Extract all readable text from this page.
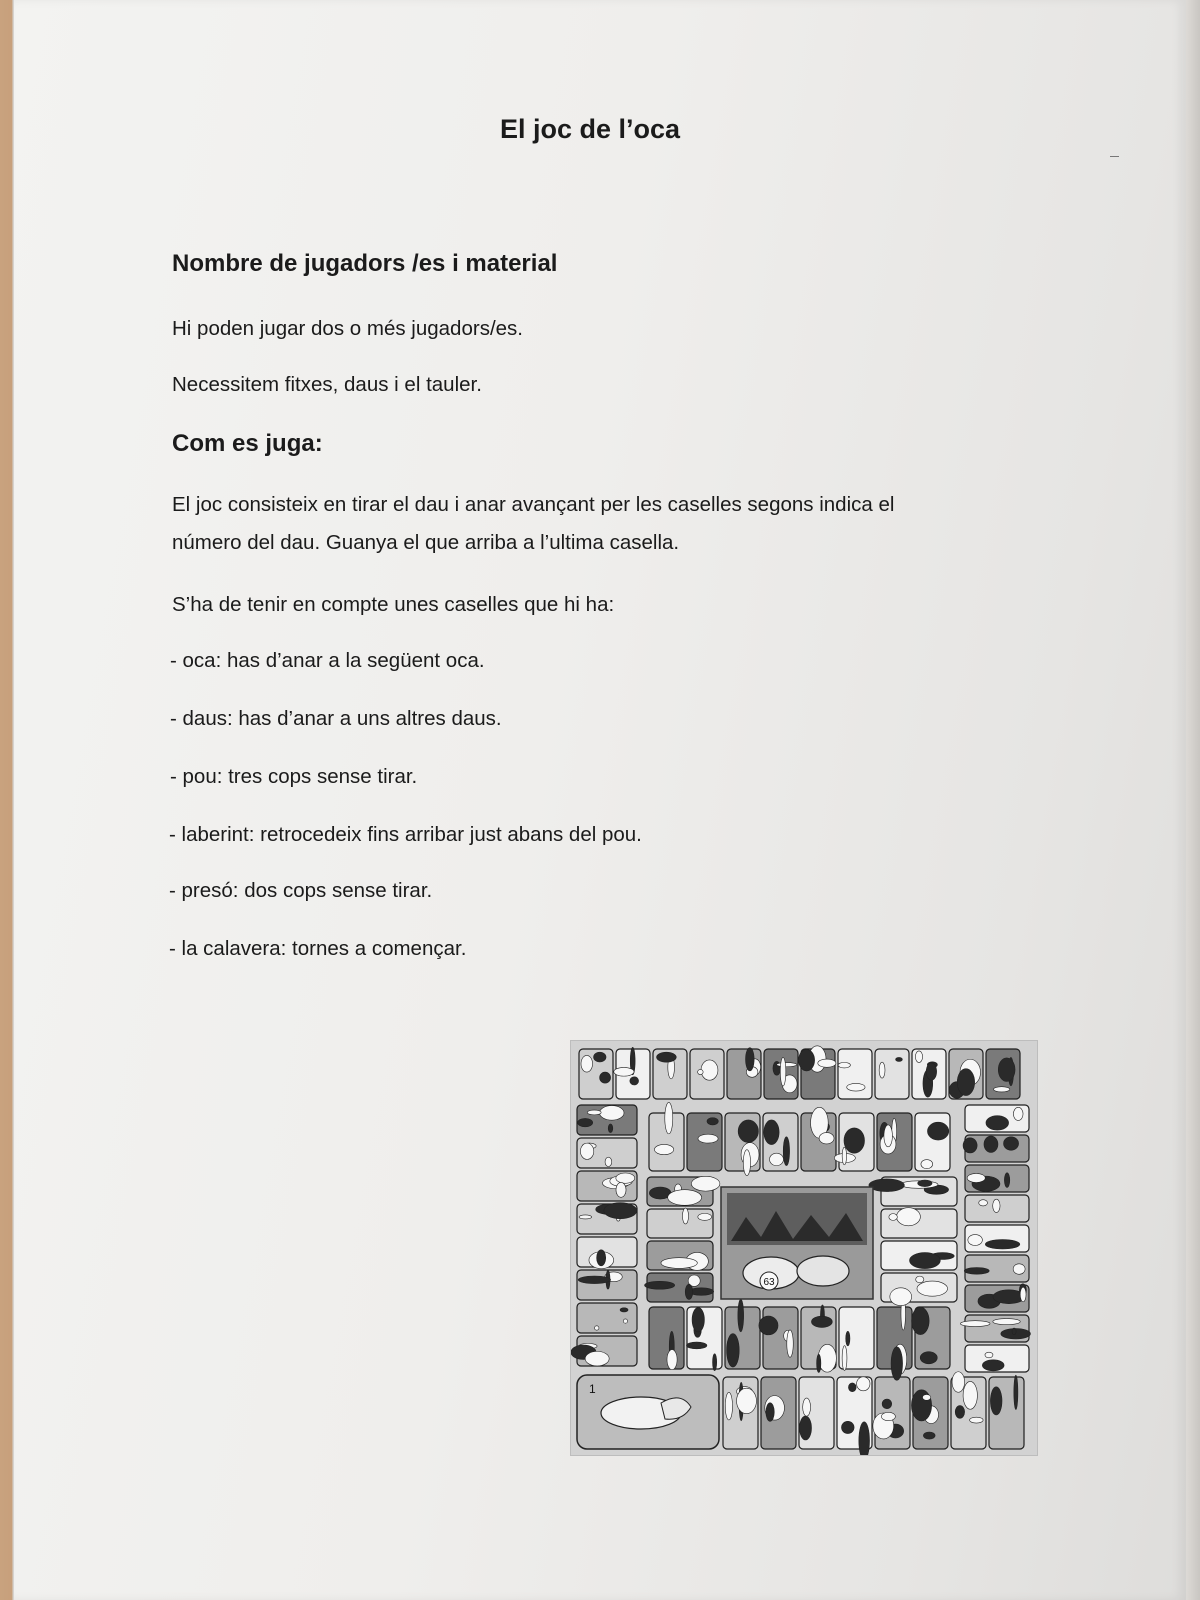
El joc de l’oca
Nombre de jugadors /es i material

Hi poden jugar dos o més jugadors/es.

Necessitem fitxes, daus i el tauler.

Com es juga:

El joc consisteix en tirar el dau i anar avançant per les caselles segons indica el número del dau. Guanya el que arriba a l’ultima casella.

S’ha de tenir en compte unes caselles que hi ha:

- oca: has d’anar a la següent oca.

- daus: has d’anar a uns altres daus.

- pou: tres cops sense tirar.

- laberint: retrocedeix fins arribar just abans del pou.

- presó: dos cops sense tirar.

- la calavera: tornes a començar.

63
1
